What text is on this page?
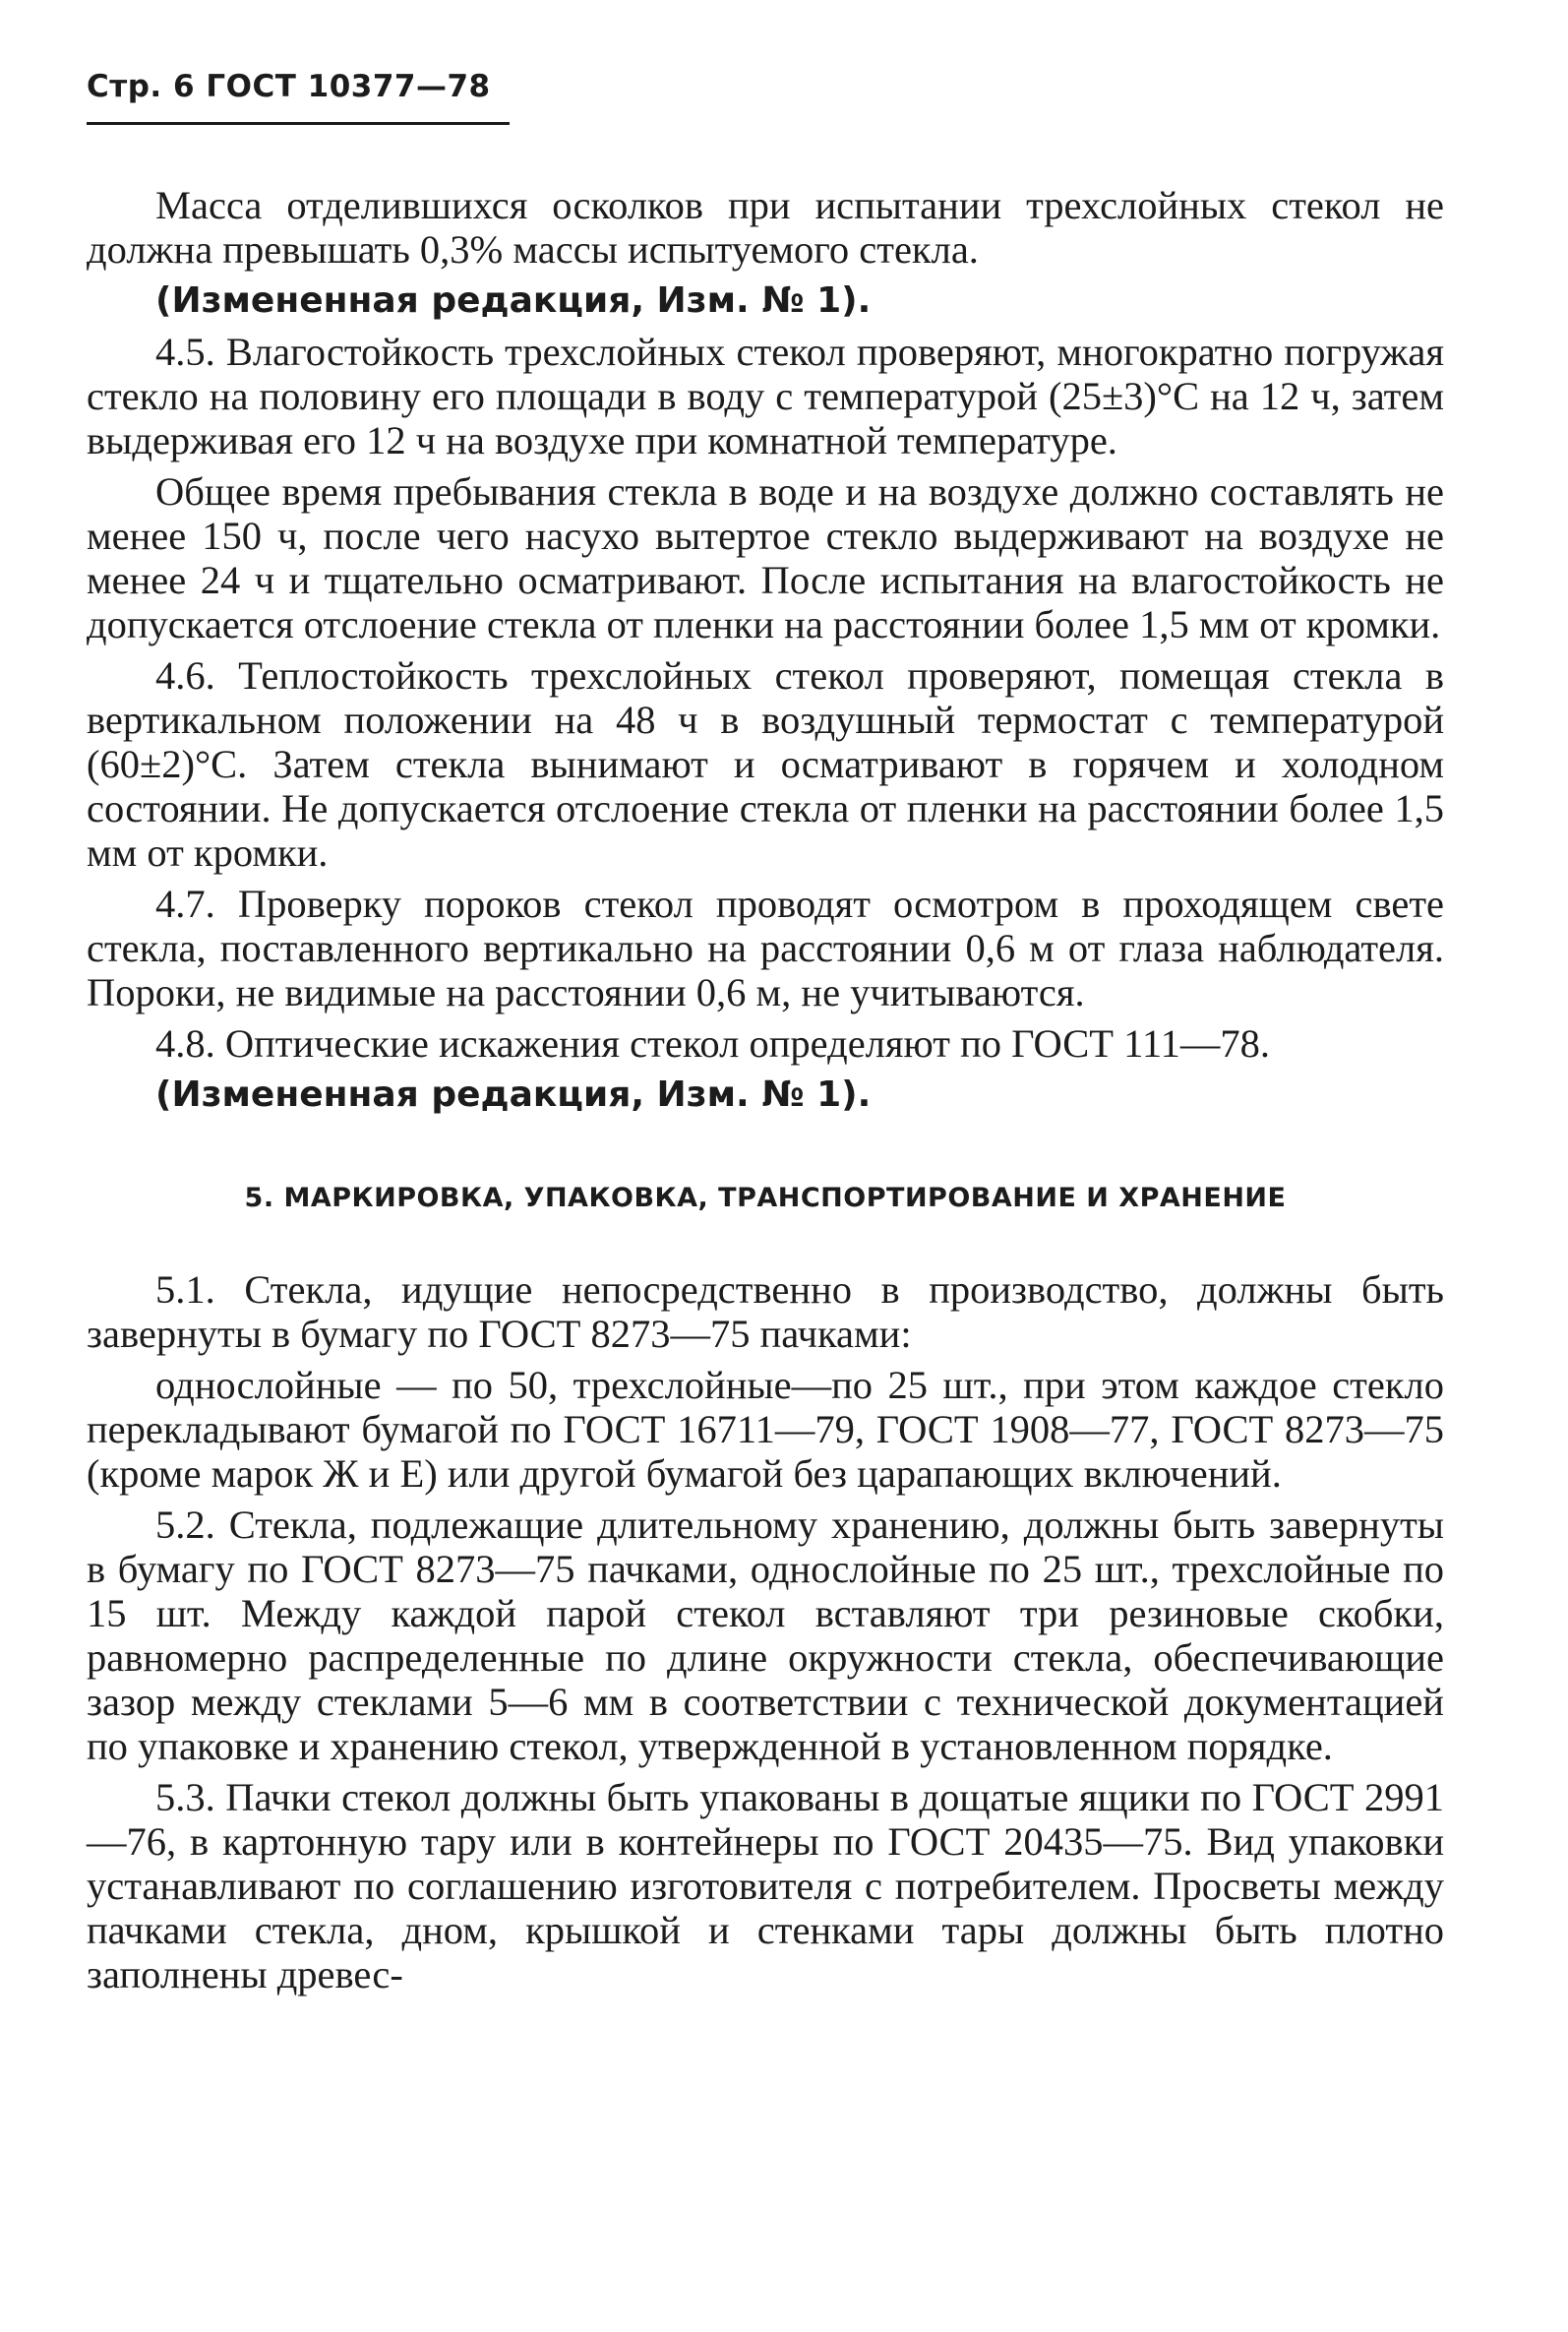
Стр. 6 ГОСТ 10377—78

Масса отделившихся осколков при испытании трехслойных стекол не должна превышать 0,3% массы испытуемого стекла.

(Измененная редакция, Изм. № 1).

4.5. Влагостойкость трехслойных стекол проверяют, многократно погружая стекло на половину его площади в воду с температурой (25±3)°С на 12 ч, затем выдерживая его 12 ч на воздухе при комнатной температуре.

Общее время пребывания стекла в воде и на воздухе должно составлять не менее 150 ч, после чего насухо вытертое стекло выдерживают на воздухе не менее 24 ч и тщательно осматривают. После испытания на влагостойкость не допускается отслоение стекла от пленки на расстоянии более 1,5 мм от кромки.

4.6. Теплостойкость трехслойных стекол проверяют, помещая стекла в вертикальном положении на 48 ч в воздушный термостат с температурой (60±2)°С. Затем стекла вынимают и осматривают в горячем и холодном состоянии. Не допускается отслоение стекла от пленки на расстоянии более 1,5 мм от кромки.

4.7. Проверку пороков стекол проводят осмотром в проходящем свете стекла, поставленного вертикально на расстоянии 0,6 м от глаза наблюдателя. Пороки, не видимые на расстоянии 0,6 м, не учитываются.

4.8. Оптические искажения стекол определяют по ГОСТ 111—78.

(Измененная редакция, Изм. № 1).

5. МАРКИРОВКА, УПАКОВКА, ТРАНСПОРТИРОВАНИЕ И ХРАНЕНИЕ

5.1. Стекла, идущие непосредственно в производство, должны быть завернуты в бумагу по ГОСТ 8273—75 пачками:

однослойные — по 50, трехслойные—по 25 шт., при этом каждое стекло перекладывают бумагой по ГОСТ 16711—79, ГОСТ 1908—77, ГОСТ 8273—75 (кроме марок Ж и Е) или другой бумагой без царапающих включений.

5.2. Стекла, подлежащие длительному хранению, должны быть завернуты в бумагу по ГОСТ 8273—75 пачками, однослойные по 25 шт., трехслойные по 15 шт. Между каждой парой стекол вставляют три резиновые скобки, равномерно распределенные по длине окружности стекла, обеспечивающие зазор между стеклами 5—6 мм в соответствии с технической документацией по упаковке и хранению стекол, утвержденной в установленном порядке.

5.3. Пачки стекол должны быть упакованы в дощатые ящики по ГОСТ 2991—76, в картонную тару или в контейнеры по ГОСТ 20435—75. Вид упаковки устанавливают по соглашению изготовителя с потребителем. Просветы между пачками стекла, дном, крышкой и стенками тары должны быть плотно заполнены древес-
